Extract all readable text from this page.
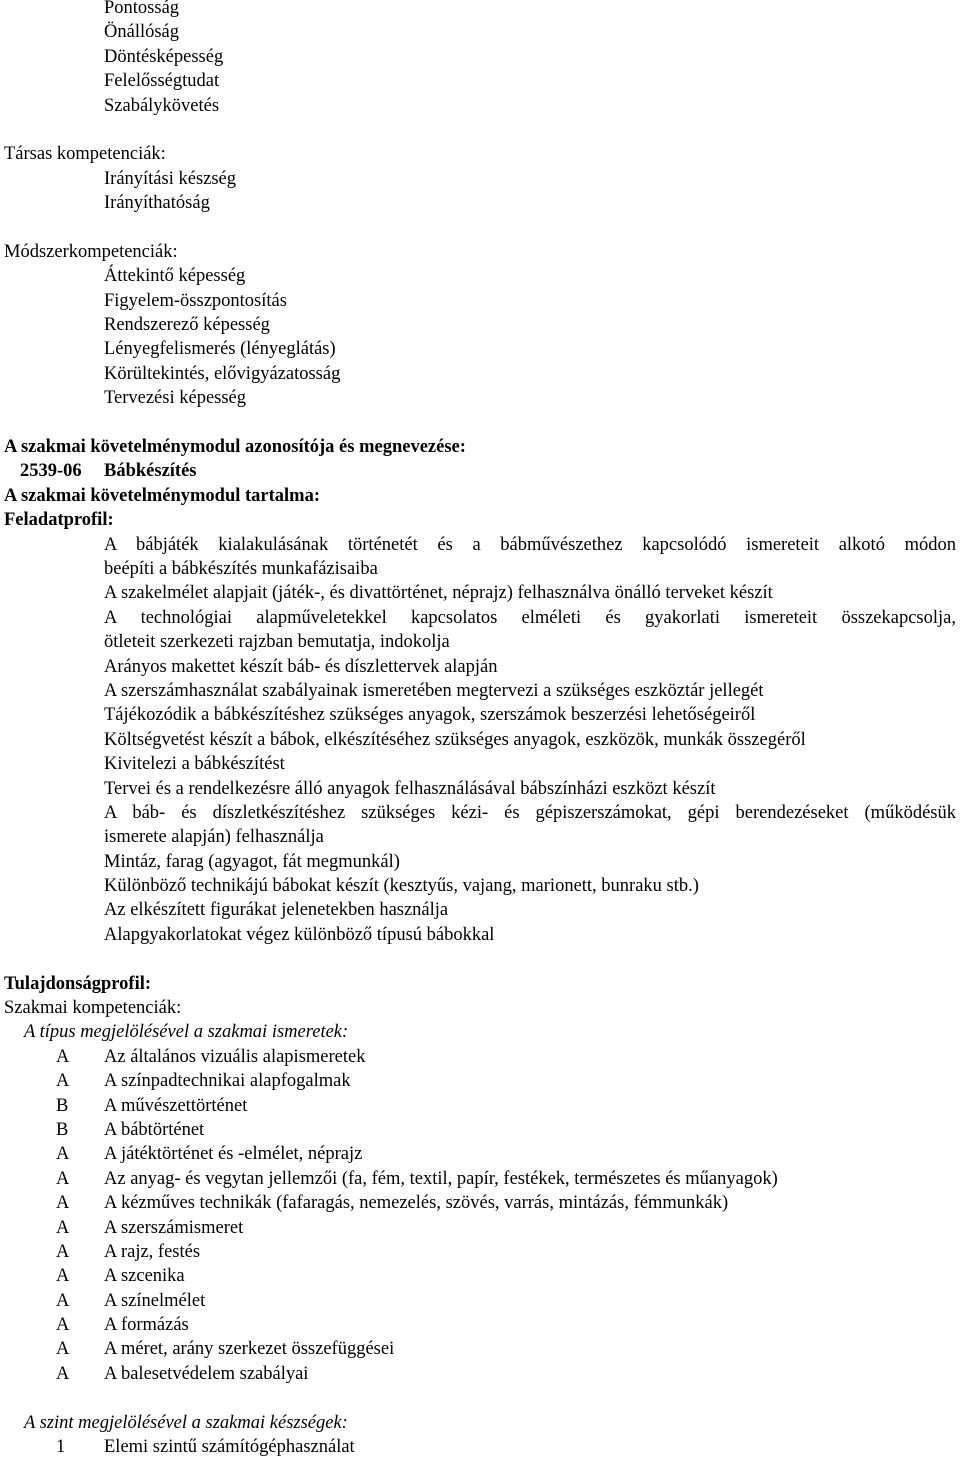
Pontosság
Önállóság
Döntésképesség
Felelősségtudat
Szabálykövetés
Társas kompetenciák:
Irányítási készség
Irányíthatóság
Módszerkompetenciák:
Áttekintő képesség
Figyelem-összpontosítás
Rendszerező képesség
Lényegfelismerés (lényeglátás)
Körültekintés, elővigyázatosság
Tervezési képesség
A szakmai követelménymodul azonosítója és megnevezése:
2539-06	Bábkészítés
A szakmai követelménymodul tartalma:
Feladatprofil:
A bábjáték kialakulásának történetét és a bábművészethez kapcsolódó ismereteit alkotó módon
beépíti a bábkészítés munkafázisaiba
A szakelmélet alapjait (játék-, és divattörténet, néprajz) felhasználva önálló terveket készít
A technológiai alapműveletekkel kapcsolatos elméleti és gyakorlati ismereteit összekapcsolja,
ötleteit szerkezeti rajzban bemutatja, indokolja
Arányos makettet készít báb- és díszlettervek alapján
A szerszámhasználat szabályainak ismeretében megtervezi a szükséges eszköztár jellegét
Tájékozódik a bábkészítéshez szükséges anyagok, szerszámok beszerzési lehetőségeiről
Költségvetést készít a bábok, elkészítéséhez szükséges anyagok, eszközök, munkák összegéről
Kivitelezi a bábkészítést
Tervei és a rendelkezésre álló anyagok felhasználásával bábszínházi eszközt készít
A báb- és díszletkészítéshez szükséges kézi- és gépiszerszámokat, gépi berendezéseket (működésük
ismerete alapján) felhasználja
Mintáz, farag (agyagot, fát megmunkál)
Különböző technikájú bábokat készít (kesztyűs, vajang, marionett, bunraku stb.)
Az elkészített figurákat jelenetekben használja
Alapgyakorlatokat végez különböző típusú bábokkal
Tulajdonságprofil:
Szakmai kompetenciák:
A típus megjelölésével a szakmai ismeretek:
A	Az általános vizuális alapismeretek
A	A színpadtechnikai alapfogalmak
B	A művészettörténet
B	A bábtörténet
A	A játéktörténet és -elmélet, néprajz
A	Az anyag- és vegytan jellemzői (fa, fém, textil, papír, festékek, természetes és műanyagok)
A	A kézműves technikák (fafaragás, nemezelés, szövés, varrás, mintázás, fémmunkák)
A	A szerszámismeret
A	A rajz, festés
A	A szcenika
A	A színelmélet
A	A formázás
A	A méret, arány szerkezet összefüggései
A	A balesetvédelem szabályai
A szint megjelölésével a szakmai készségek:
1	Elemi szintű számítógéphasználat
